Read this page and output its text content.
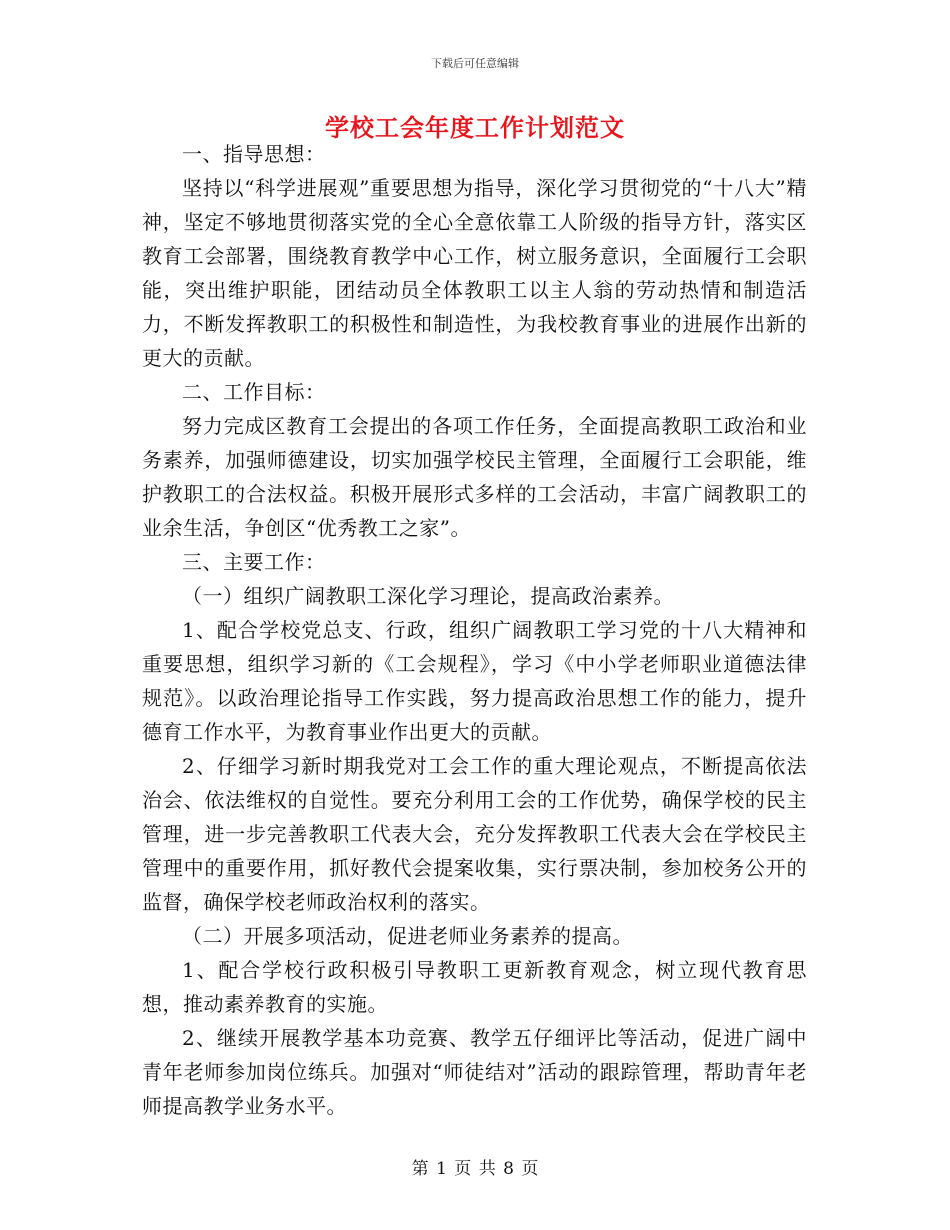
下载后可任意编辑
学校工会年度工作计划范文

一、指导思想：

坚持以“科学进展观”重要思想为指导，深化学习贯彻党的“十八大”精神，坚定不够地贯彻落实党的全心全意依靠工人阶级的指导方针，落实区教育工会部署，围绕教育教学中心工作，树立服务意识，全面履行工会职能，突出维护职能，团结动员全体教职工以主人翁的劳动热情和制造活力，不断发挥教职工的积极性和制造性，为我校教育事业的进展作出新的更大的贡献。

二、工作目标：

努力完成区教育工会提出的各项工作任务，全面提高教职工政治和业务素养，加强师德建设，切实加强学校民主管理，全面履行工会职能，维护教职工的合法权益。积极开展形式多样的工会活动，丰富广阔教职工的业余生活，争创区“优秀教工之家”。

三、主要工作：

（一）组织广阔教职工深化学习理论，提高政治素养。

1、配合学校党总支、行政，组织广阔教职工学习党的十八大精神和重要思想，组织学习新的《工会规程》，学习《中小学老师职业道德法律规范》。以政治理论指导工作实践，努力提高政治思想工作的能力，提升德育工作水平，为教育事业作出更大的贡献。

2、仔细学习新时期我党对工会工作的重大理论观点，不断提高依法治会、依法维权的自觉性。要充分利用工会的工作优势，确保学校的民主管理，进一步完善教职工代表大会，充分发挥教职工代表大会在学校民主管理中的重要作用，抓好教代会提案收集，实行票决制，参加校务公开的监督，确保学校老师政治权利的落实。

（二）开展多项活动，促进老师业务素养的提高。

1、配合学校行政积极引导教职工更新教育观念，树立现代教育思想，推动素养教育的实施。

2、继续开展教学基本功竞赛、教学五仔细评比等活动，促进广阔中青年老师参加岗位练兵。加强对“师徒结对”活动的跟踪管理，帮助青年老师提高教学业务水平。

第 1 页 共 8 页
